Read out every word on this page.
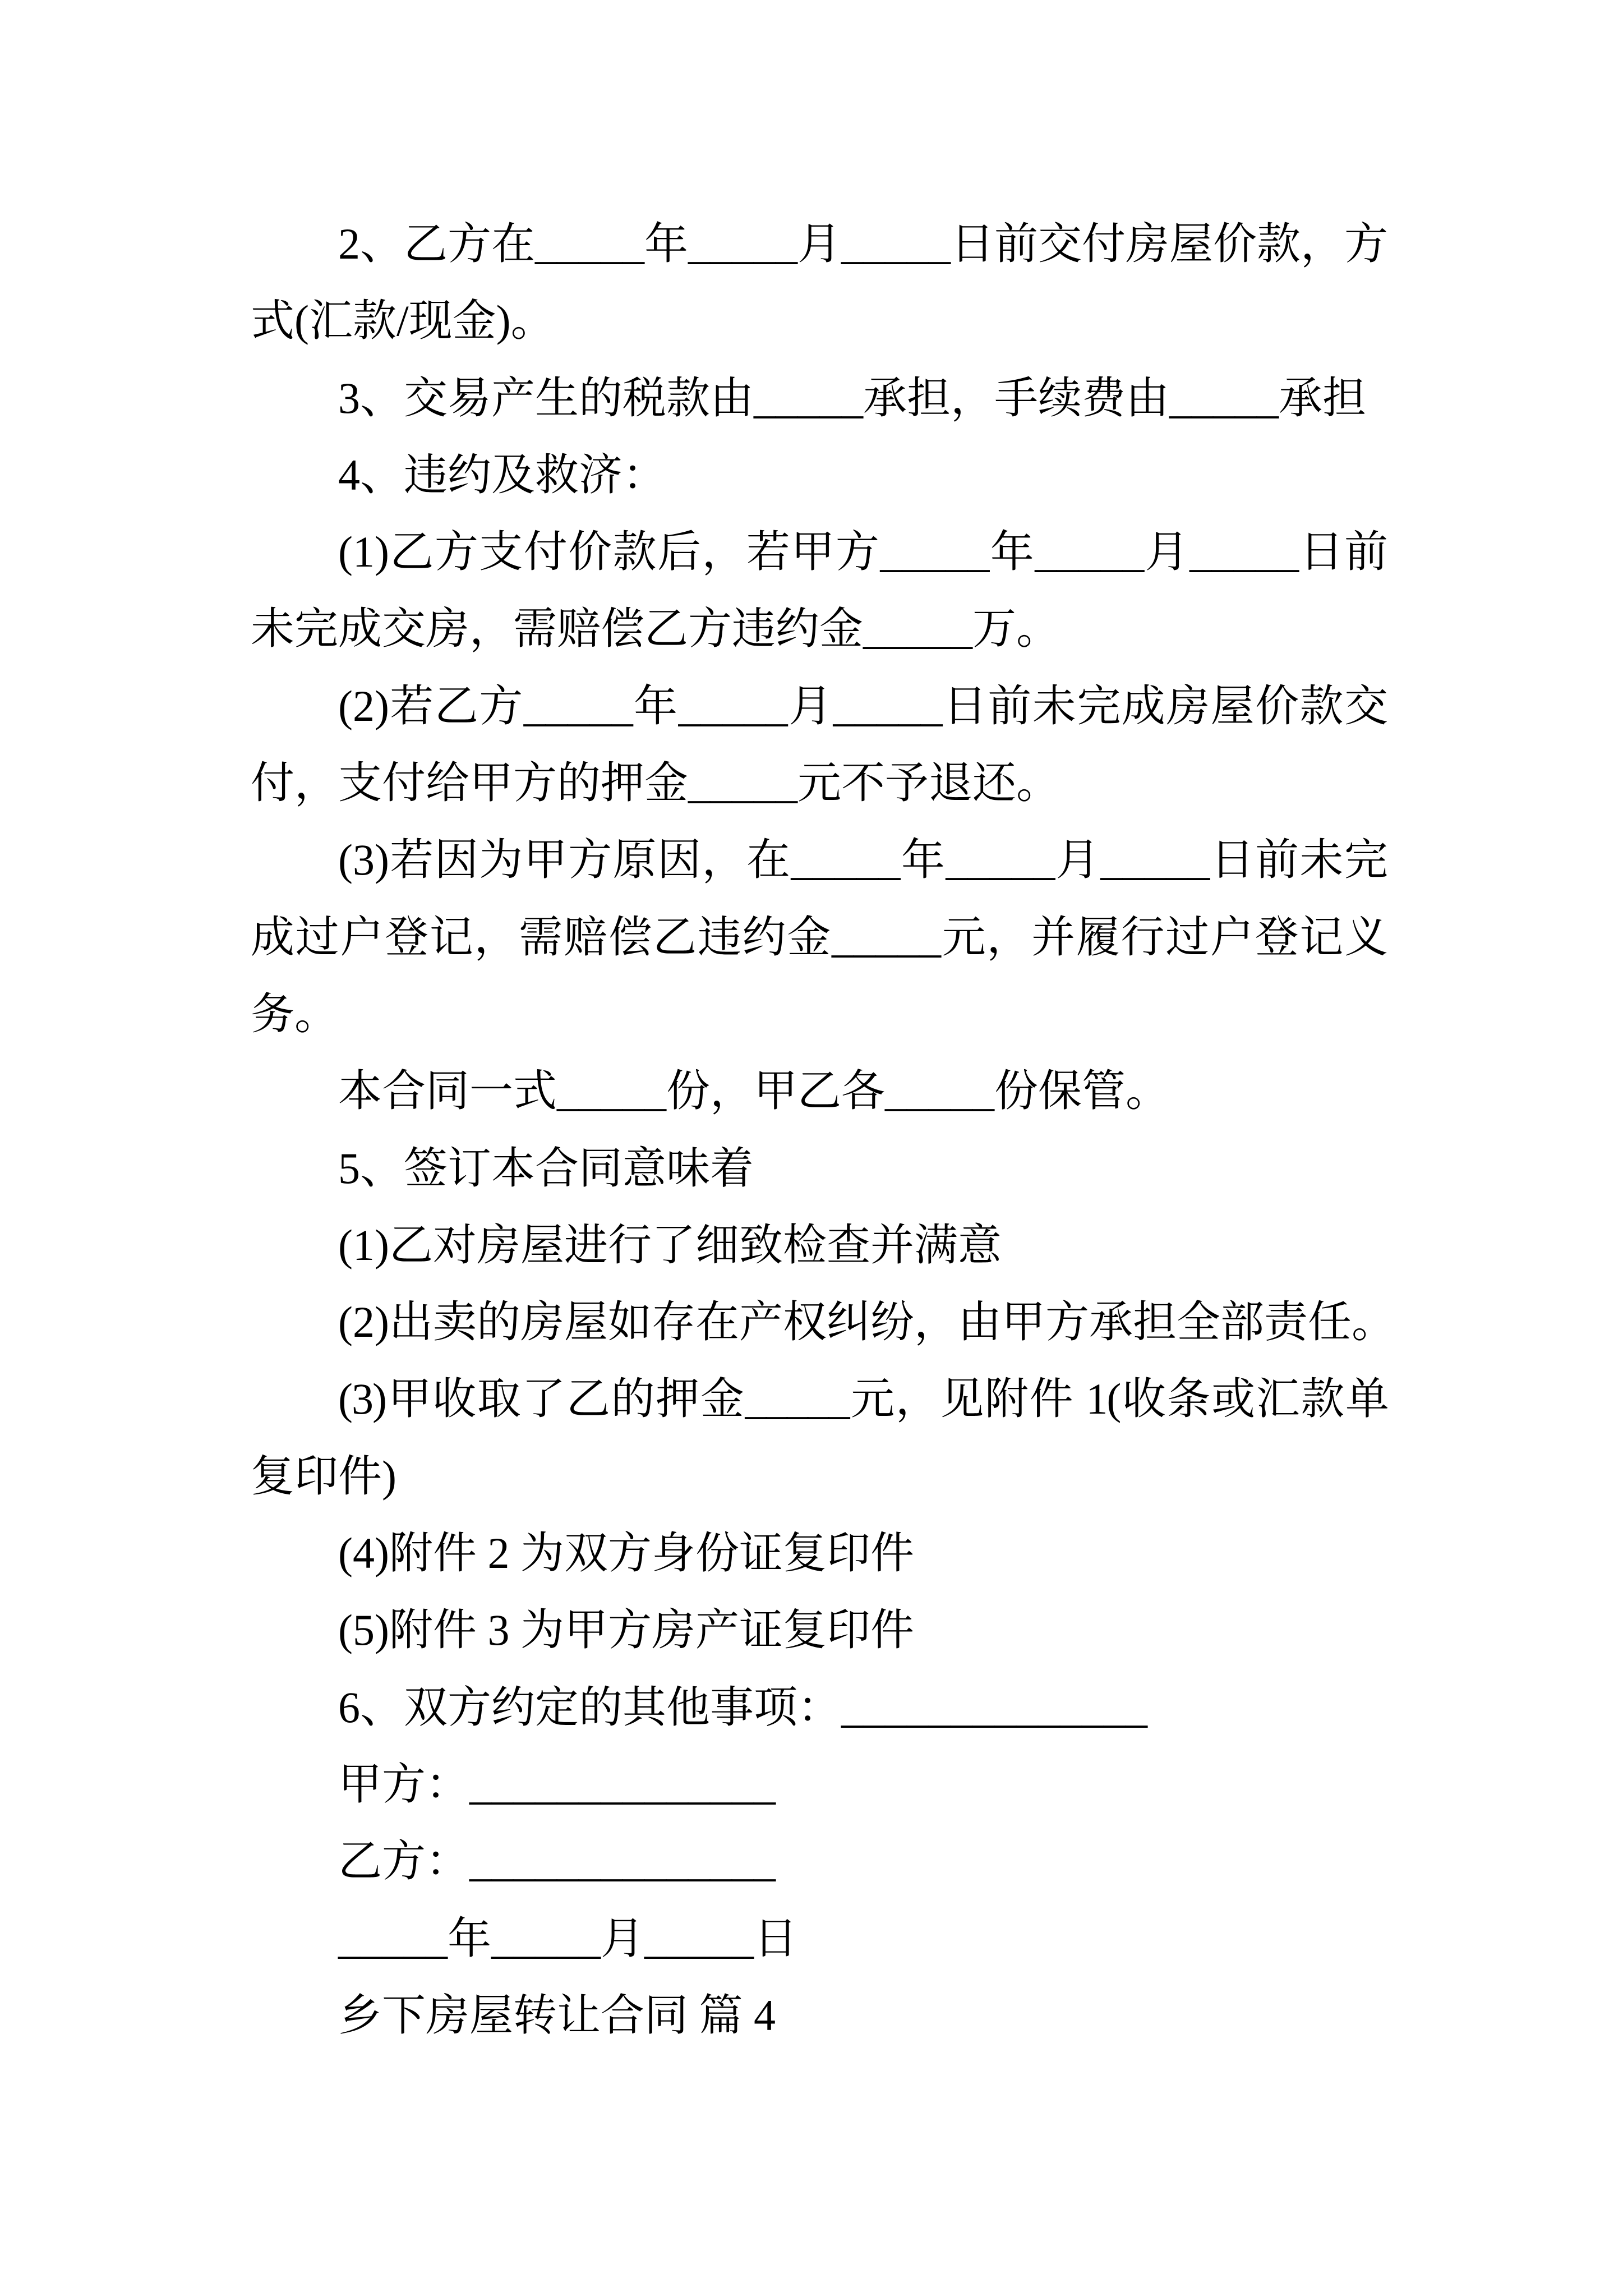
2、乙方在_____年_____月_____日前交付房屋价款，方
式(汇款/现金)。
3、交易产生的税款由_____承担，手续费由_____承担
4、违约及救济：
(1)乙方支付价款后，若甲方_____年_____月_____日前
未完成交房，需赔偿乙方违约金_____万。
(2)若乙方_____年_____月_____日前未完成房屋价款交
付，支付给甲方的押金_____元不予退还。
(3)若因为甲方原因，在_____年_____月_____日前未完
成过户登记，需赔偿乙违约金_____元，并履行过户登记义
务。
本合同一式_____份，甲乙各_____份保管。
5、签订本合同意味着
(1)乙对房屋进行了细致检查并满意
(2)出卖的房屋如存在产权纠纷，由甲方承担全部责任。
(3)甲收取了乙的押金_____元，见附件 1(收条或汇款单
复印件)
(4)附件 2 为双方身份证复印件
(5)附件 3 为甲方房产证复印件
6、双方约定的其他事项：______________
甲方：______________
乙方：______________
_____年_____月_____日
乡下房屋转让合同 篇 4
